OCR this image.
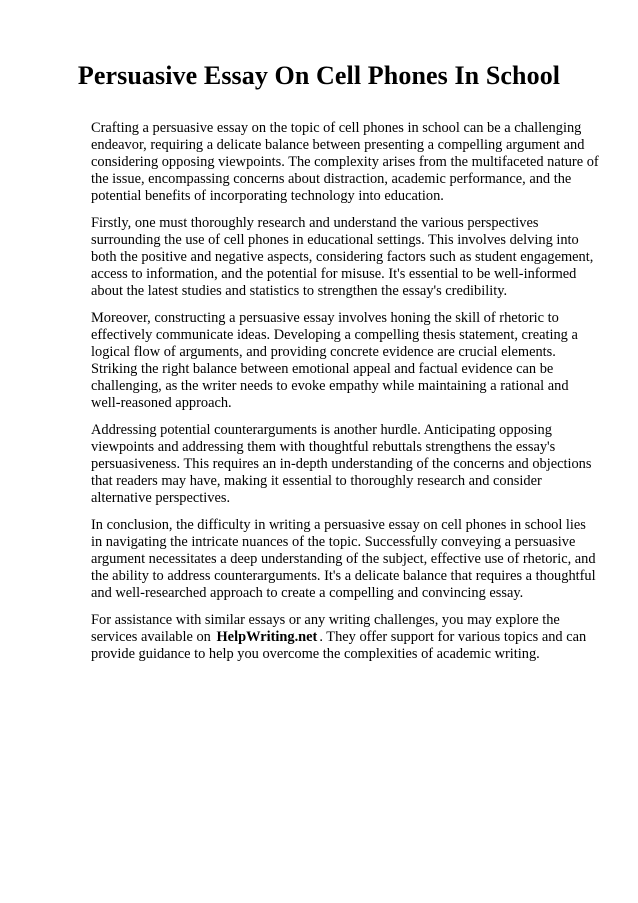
Persuasive Essay On Cell Phones In School

Crafting a persuasive essay on the topic of cell phones in school can be a challenging endeavor, requiring a delicate balance between presenting a compelling argument and considering opposing viewpoints. The complexity arises from the multifaceted nature of the issue, encompassing concerns about distraction, academic performance, and the potential benefits of incorporating technology into education.

Firstly, one must thoroughly research and understand the various perspectives surrounding the use of cell phones in educational settings. This involves delving into both the positive and negative aspects, considering factors such as student engagement, access to information, and the potential for misuse. It's essential to be well-informed about the latest studies and statistics to strengthen the essay's credibility.

Moreover, constructing a persuasive essay involves honing the skill of rhetoric to effectively communicate ideas. Developing a compelling thesis statement, creating a logical flow of arguments, and providing concrete evidence are crucial elements. Striking the right balance between emotional appeal and factual evidence can be challenging, as the writer needs to evoke empathy while maintaining a rational and well-reasoned approach.

Addressing potential counterarguments is another hurdle. Anticipating opposing viewpoints and addressing them with thoughtful rebuttals strengthens the essay's persuasiveness. This requires an in-depth understanding of the concerns and objections that readers may have, making it essential to thoroughly research and consider alternative perspectives.

In conclusion, the difficulty in writing a persuasive essay on cell phones in school lies in navigating the intricate nuances of the topic. Successfully conveying a persuasive argument necessitates a deep understanding of the subject, effective use of rhetoric, and the ability to address counterarguments. It's a delicate balance that requires a thoughtful and well-researched approach to create a compelling and convincing essay.

For assistance with similar essays or any writing challenges, you may explore the services available on HelpWriting.net . They offer support for various topics and can provide guidance to help you overcome the complexities of academic writing.
